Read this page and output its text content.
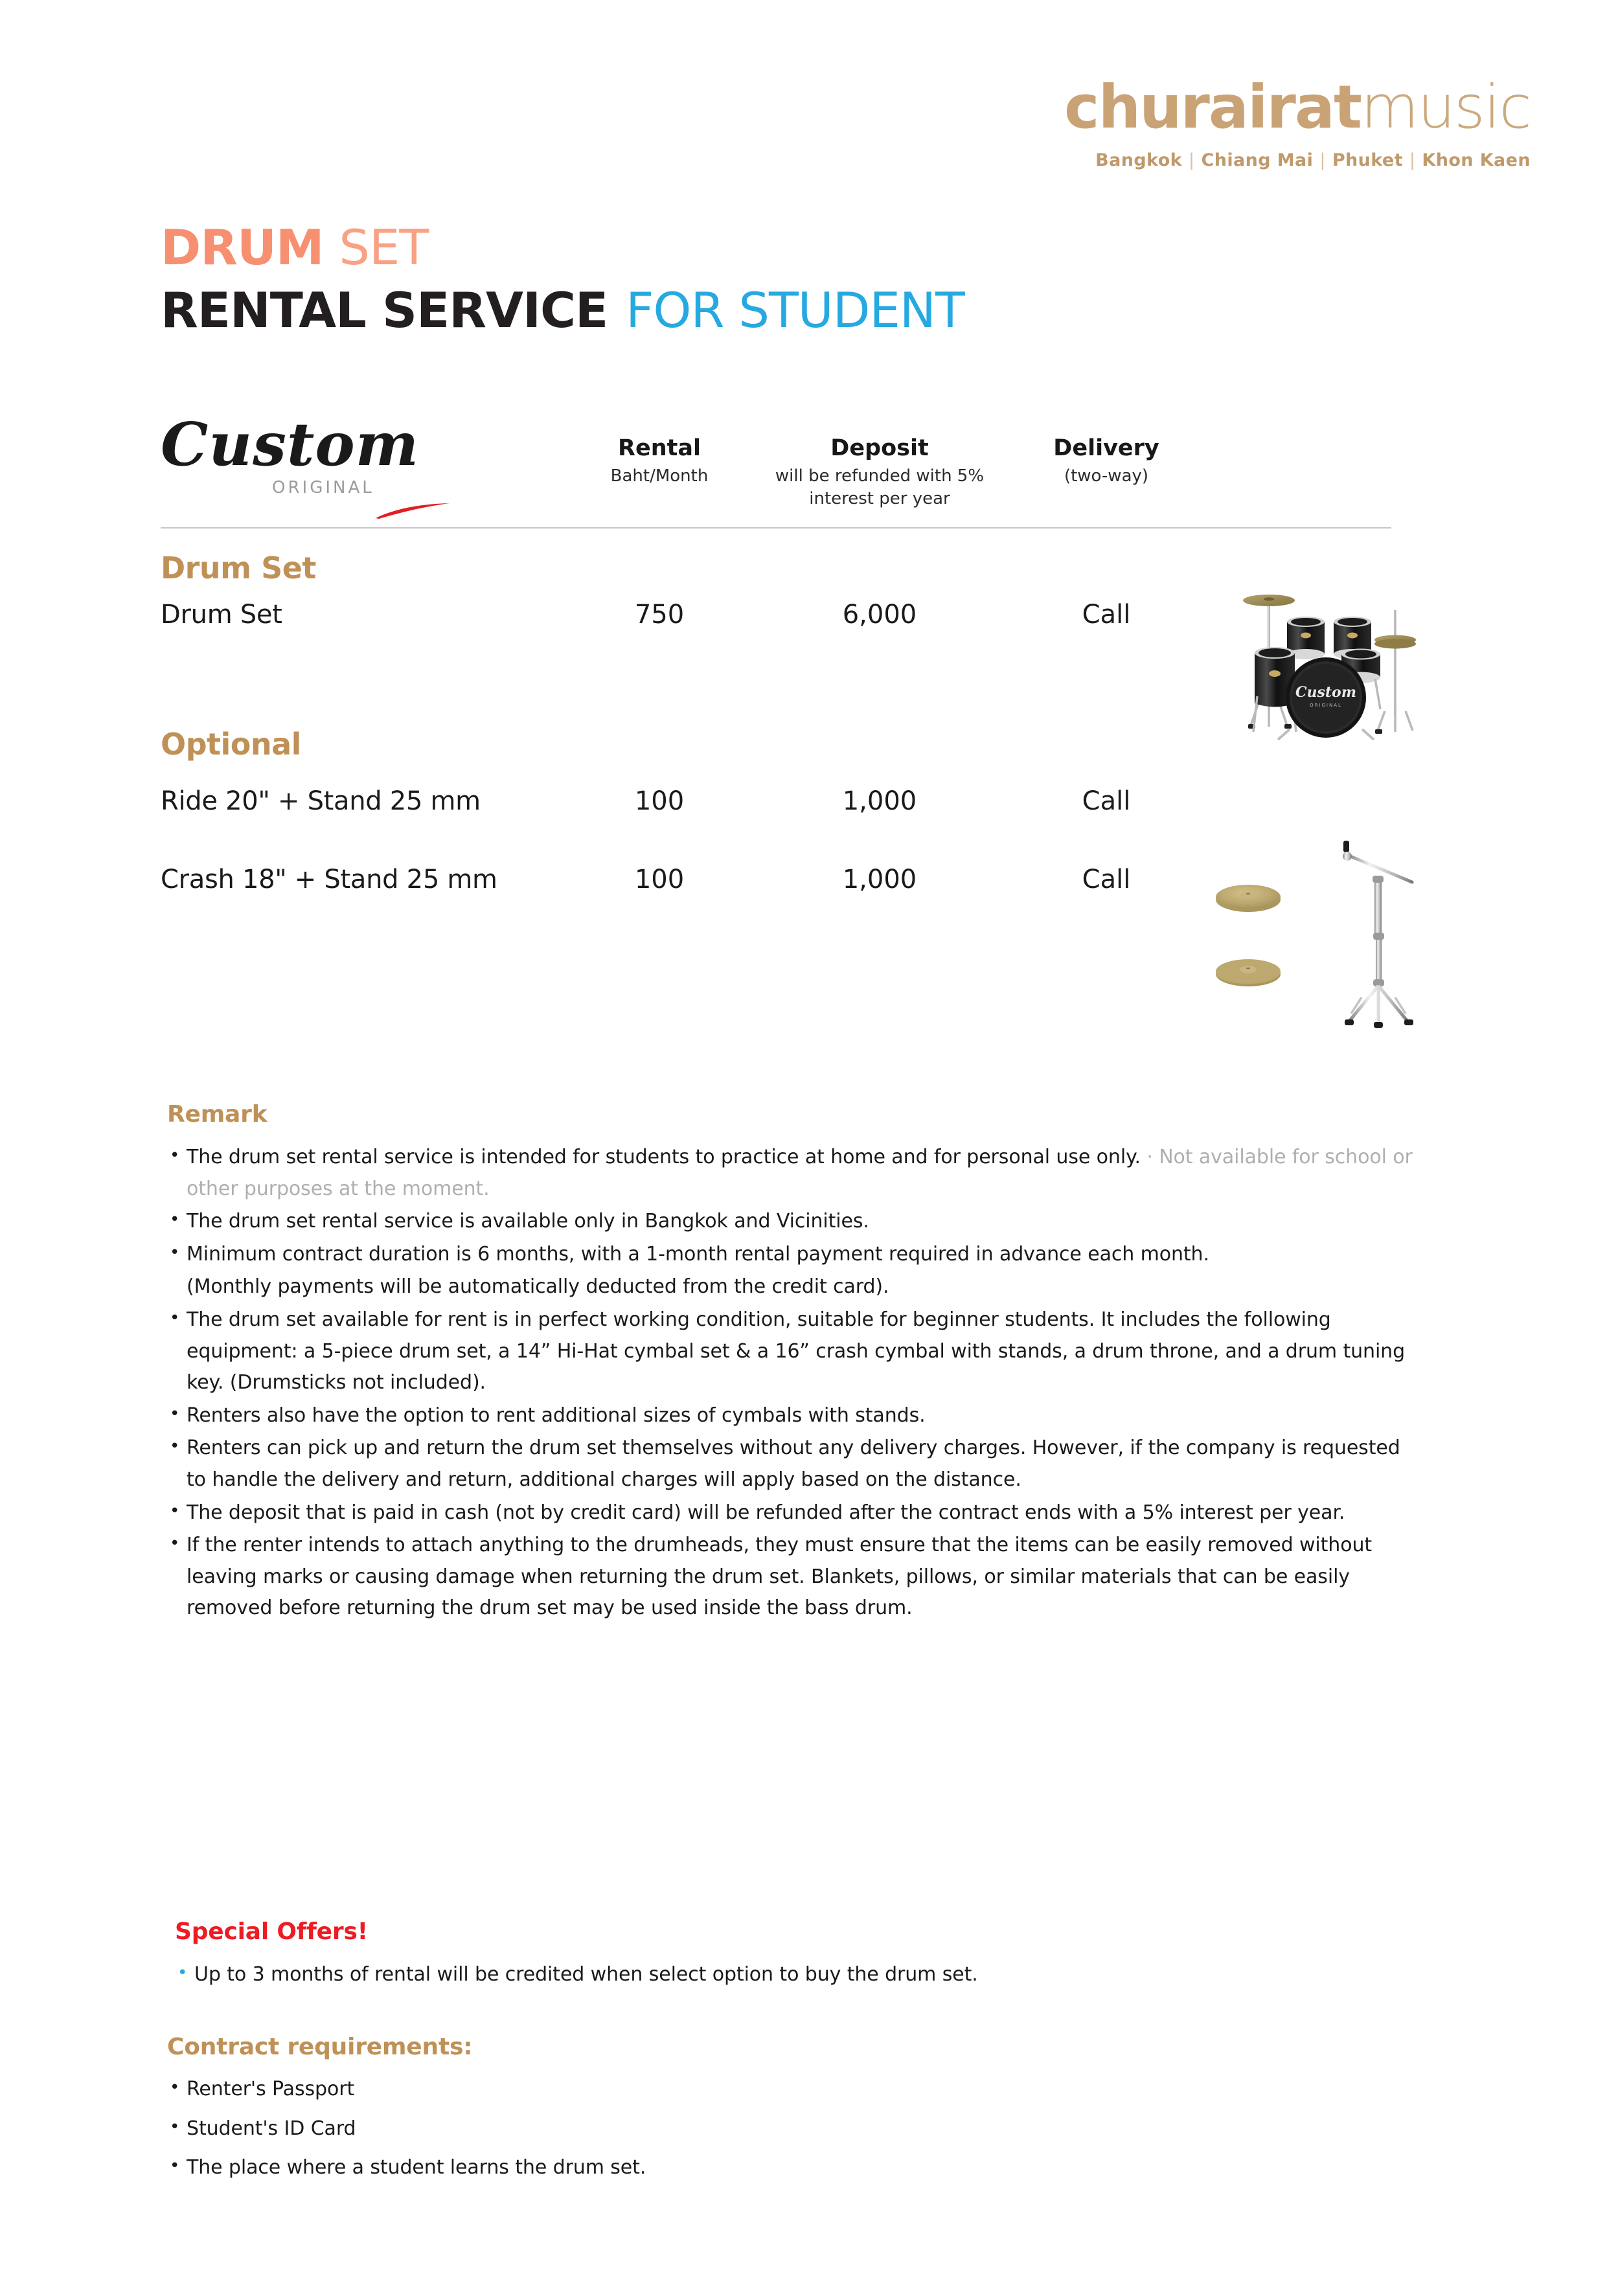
churairatmusic
Bangkok | Chiang Mai | Phuket | Khon Kaen
DRUM SET
RENTAL SERVICE FOR STUDENT
Custom
ORIGINAL
Rental
Baht/Month
Deposit
will be refunded with 5% interest per year
Delivery
(two-way)
Drum Set
Drum Set	750	6,000	Call
Optional
Ride 20" + Stand 25 mm	100	1,000	Call
Crash 18" + Stand 25 mm	100	1,000	Call
Custom
ORIGINAL
Remark
• The drum set rental service is intended for students to practice at home and for personal use only. · Not available for school or other purposes at the moment.
• The drum set rental service is available only in Bangkok and Vicinities.
• Minimum contract duration is 6 months, with a 1-month rental payment required in advance each month.
(Monthly payments will be automatically deducted from the credit card).
• The drum set available for rent is in perfect working condition, suitable for beginner students. It includes the following equipment: a 5-piece drum set, a 14” Hi-Hat cymbal set & a 16” crash cymbal with stands, a drum throne, and a drum tuning key. (Drumsticks not included).
• Renters also have the option to rent additional sizes of cymbals with stands.
• Renters can pick up and return the drum set themselves without any delivery charges. However, if the company is requested to handle the delivery and return, additional charges will apply based on the distance.
• The deposit that is paid in cash (not by credit card) will be refunded after the contract ends with a 5% interest per year.
• If the renter intends to attach anything to the drumheads, they must ensure that the items can be easily removed without leaving marks or causing damage when returning the drum set. Blankets, pillows, or similar materials that can be easily removed before returning the drum set may be used inside the bass drum.
Special Offers!
• Up to 3 months of rental will be credited when select option to buy the drum set.
Contract requirements:
• Renter's Passport
• Student's ID Card
• The place where a student learns the drum set.
